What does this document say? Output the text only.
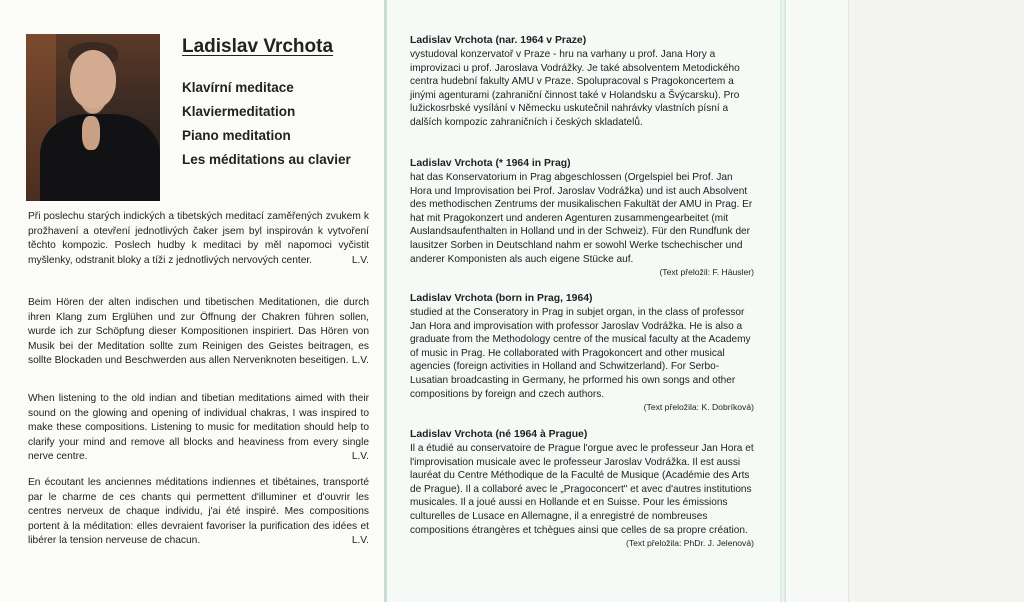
Ladislav Vrchota
Klavírní meditace
Klaviermeditation
Piano meditation
Les méditations au clavier

Při poslechu starých indických a tibetských meditací zaměřených zvukem k prožhavení a otevření jednotlivých čaker jsem byl inspirován k vytvoření těchto kompozic. Poslech hudby k meditaci by měl napomoci vyčistit myšlenky, odstranit bloky a tíži z jednotlivých nervových center.	L.V.

Beim Hören der alten indischen und tibetischen Meditationen, die durch ihren Klang zum Erglühen und zur Öffnung der Chakren führen sollen, wurde ich zur Schöpfung dieser Kompositionen inspiriert. Das Hören von Musik bei der Meditation sollte zum Reinigen des Geistes beitragen, es sollte Blockaden und Beschwerden aus allen Nervenknoten beseitigen. L.V.

When listening to the old indian and tibetian meditations aimed with their sound on the glowing and opening of individual chakras, I was inspired to make these compositions. Listening to music for meditation should help to clarify your mind and remove all blocks and heaviness from every single nerve centre.	L.V.

En écoutant les anciennes méditations indiennes et tibétaines, transporté par le charme de ces chants qui permettent d'illuminer et d'ouvrir les centres nerveux de chaque individu, j'ai été inspiré. Mes compositions portent à la méditation: elles devraient favoriser la purification des idées et libérer la tension nerveuse de chacun.	L.V.

Ladislav Vrchota (nar. 1964 v Praze)

vystudoval konzervatoř v Praze - hru na varhany u prof. Jana Hory a improvizaci u prof. Jaroslava Vodrážky. Je také absolventem Metodického centra hudební fakulty AMU v Praze. Spolupracoval s Pragokoncertem a jinými agenturami (zahraniční činnost také v Holandsku a Švýcarsku). Pro lužickosrbské vysílání v Německu uskutečnil nahrávky vlastních písní a dalších kompozic zahraničních i českých skladatelů.

Ladislav Vrchota (* 1964 in Prag)

hat das Konservatorium in Prag abgeschlossen (Orgelspiel bei Prof. Jan Hora und Improvisation bei Prof. Jaroslav Vodrážka) und ist auch Absolvent des methodischen Zentrums der musikalischen Fakultät der AMU in Prag. Er hat mit Pragokonzert und anderen Agenturen zusammengearbeitet (mit Auslandsaufenthalten in Holland und in der Schweiz). Für den Rundfunk der lausitzer Sorben in Deutschland nahm er sowohl Werke tschechischer und anderer Komponisten als auch eigene Stücke auf.

(Text přeložil: F. Häusler)
Ladislav Vrchota (born in Prag, 1964)

studied at the Conseratory in Prag in subjet organ, in the class of professor Jan Hora and improvisation with professor Jaroslav Vodrážka. He is also a graduate from the Methodology centre of the musical faculty at the Academy of music in Prag. He collaborated with Pragokoncert and other musical agencies (foreign activities in Holland and Schwitzerland). For Serbo-Lusatian broadcasting in Germany, he prformed his own songs and other compositions by foreign and czech authors.

(Text přeložila: K. Dobríková)
Ladislav Vrchota (né 1964 à Prague)

Il a étudié au conservatoire de Prague l'orgue avec le professeur Jan Hora et l'improvisation musicale avec le professeur Jaroslav Vodrážka. Il est aussi lauréat du Centre Méthodique de la Faculté de Musique (Académie des Arts de Prague). Il a collaboré avec le „Pragoconcert" et avec d'autres institutions musicales. Il a joué aussi en Hollande et en Suisse. Pour les émissions culturelles de Lusace en Allemagne, il a enregistré de nombreuses compositions étrangères et tchègues ainsi que celles de sa propre création.

(Text přeložila: PhDr. J. Jelenová)
